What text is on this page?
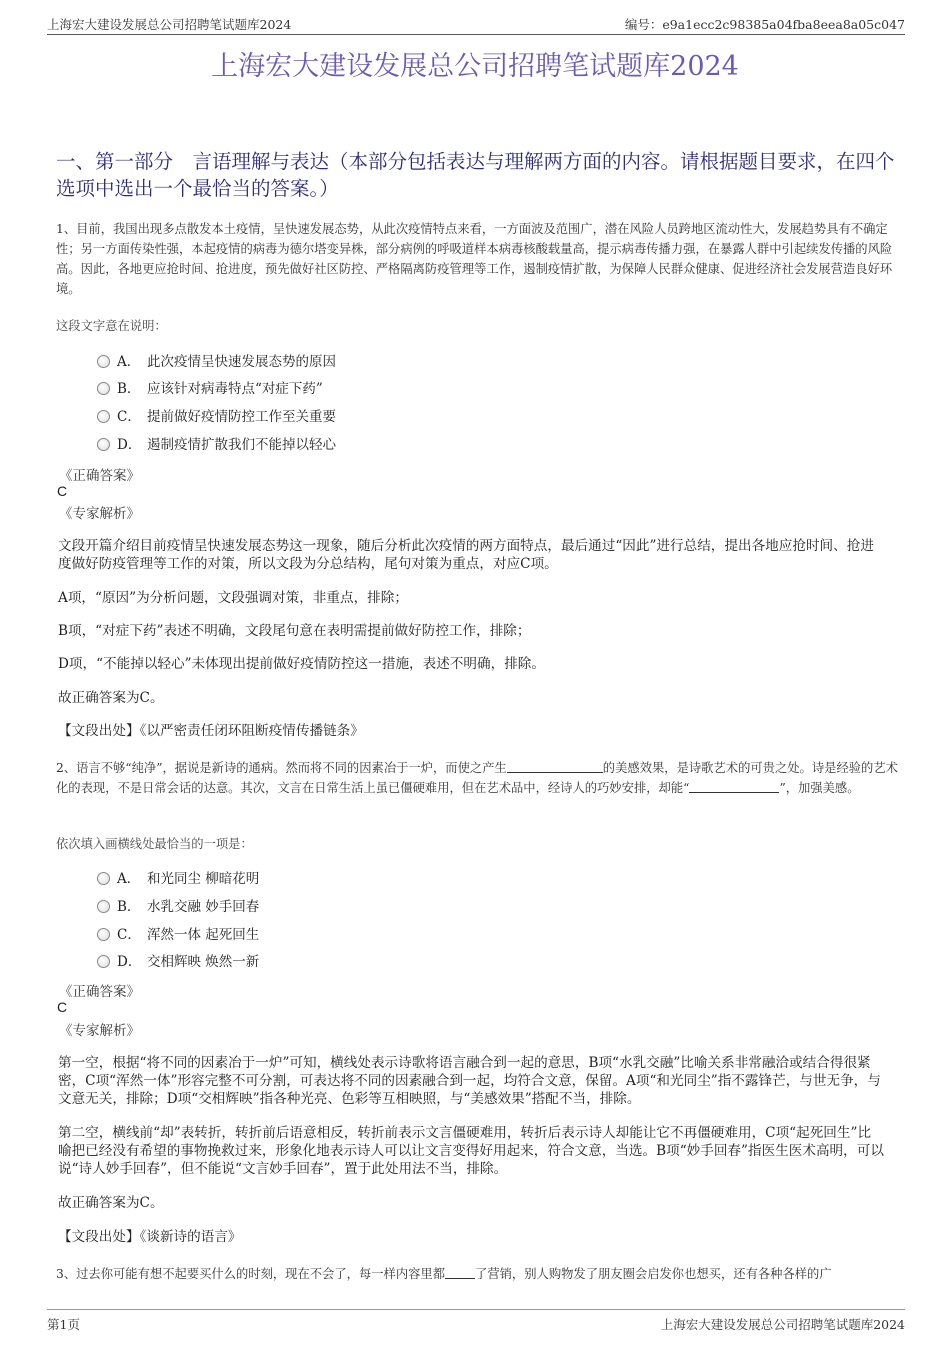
上海宏大建设发展总公司招聘笔试题库2024	编号：e9a1ecc2c98385a04fba8eea8a05c047
上海宏大建设发展总公司招聘笔试题库2024
一、第一部分　言语理解与表达（本部分包括表达与理解两方面的内容。请根据题目要求，在四个选项中选出一个最恰当的答案。）
1、目前，我国出现多点散发本土疫情，呈快速发展态势，从此次疫情特点来看，一方面波及范围广，潜在风险人员跨地区流动性大，发展趋势具有不确定性；另一方面传染性强，本起疫情的病毒为德尔塔变异株，部分病例的呼吸道样本病毒核酸载量高，提示病毒传播力强，在暴露人群中引起续发传播的风险高。因此，各地更应抢时间、抢进度，预先做好社区防控、严格隔离防疫管理等工作，遏制疫情扩散，为保障人民群众健康、促进经济社会发展营造良好环境。
这段文字意在说明：
A． 此次疫情呈快速发展态势的原因
B． 应该针对病毒特点“对症下药”
C． 提前做好疫情防控工作至关重要
D． 遏制疫情扩散我们不能掉以轻心
《正确答案》
C
《专家解析》
文段开篇介绍目前疫情呈快速发展态势这一现象，随后分析此次疫情的两方面特点，最后通过“因此”进行总结，提出各地应抢时间、抢进度做好防疫管理等工作的对策，所以文段为分总结构，尾句对策为重点，对应C项。
A项，“原因”为分析问题，文段强调对策，非重点，排除；
B项，“对症下药”表述不明确，文段尾句意在表明需提前做好防控工作，排除；
D项，“不能掉以轻心”未体现出提前做好疫情防控这一措施，表述不明确，排除。
故正确答案为C。
【文段出处】《以严密责任闭环阻断疫情传播链条》
2、语言不够“纯净”，据说是新诗的通病。然而将不同的因素冶于一炉，而使之产生	的美感效果，是诗歌艺术的可贵之处。诗是经验的艺术化的表现，不是日常会话的达意。其次，文言在日常生活上虽已僵硬难用，但在艺术品中，经诗人的巧妙安排，却能“	”，加强美感。
依次填入画横线处最恰当的一项是：
A． 和光同尘 柳暗花明
B． 水乳交融 妙手回春
C． 浑然一体 起死回生
D． 交相辉映 焕然一新
《正确答案》
C
《专家解析》
第一空，根据“将不同的因素冶于一炉”可知，横线处表示诗歌将语言融合到一起的意思，B项“水乳交融”比喻关系非常融洽或结合得很紧密，C项“浑然一体”形容完整不可分割，可表达将不同的因素融合到一起，均符合文意，保留。A项“和光同尘”指不露锋芒，与世无争，与文意无关，排除；D项“交相辉映”指各种光亮、色彩等互相映照，与“美感效果”搭配不当，排除。
第二空，横线前“却”表转折，转折前后语意相反，转折前表示文言僵硬难用，转折后表示诗人却能让它不再僵硬难用，C项“起死回生”比喻把已经没有希望的事物挽救过来，形象化地表示诗人可以让文言变得好用起来，符合文意，当选。B项“妙手回春”指医生医术高明，可以说“诗人妙手回春”，但不能说“文言妙手回春”，置于此处用法不当，排除。
故正确答案为C。
【文段出处】《谈新诗的语言》
3、过去你可能有想不起要买什么的时刻，现在不会了，每一样内容里都 了营销，别人购物发了朋友圈会启发你也想买，还有各种各样的广
第1页	上海宏大建设发展总公司招聘笔试题库2024
